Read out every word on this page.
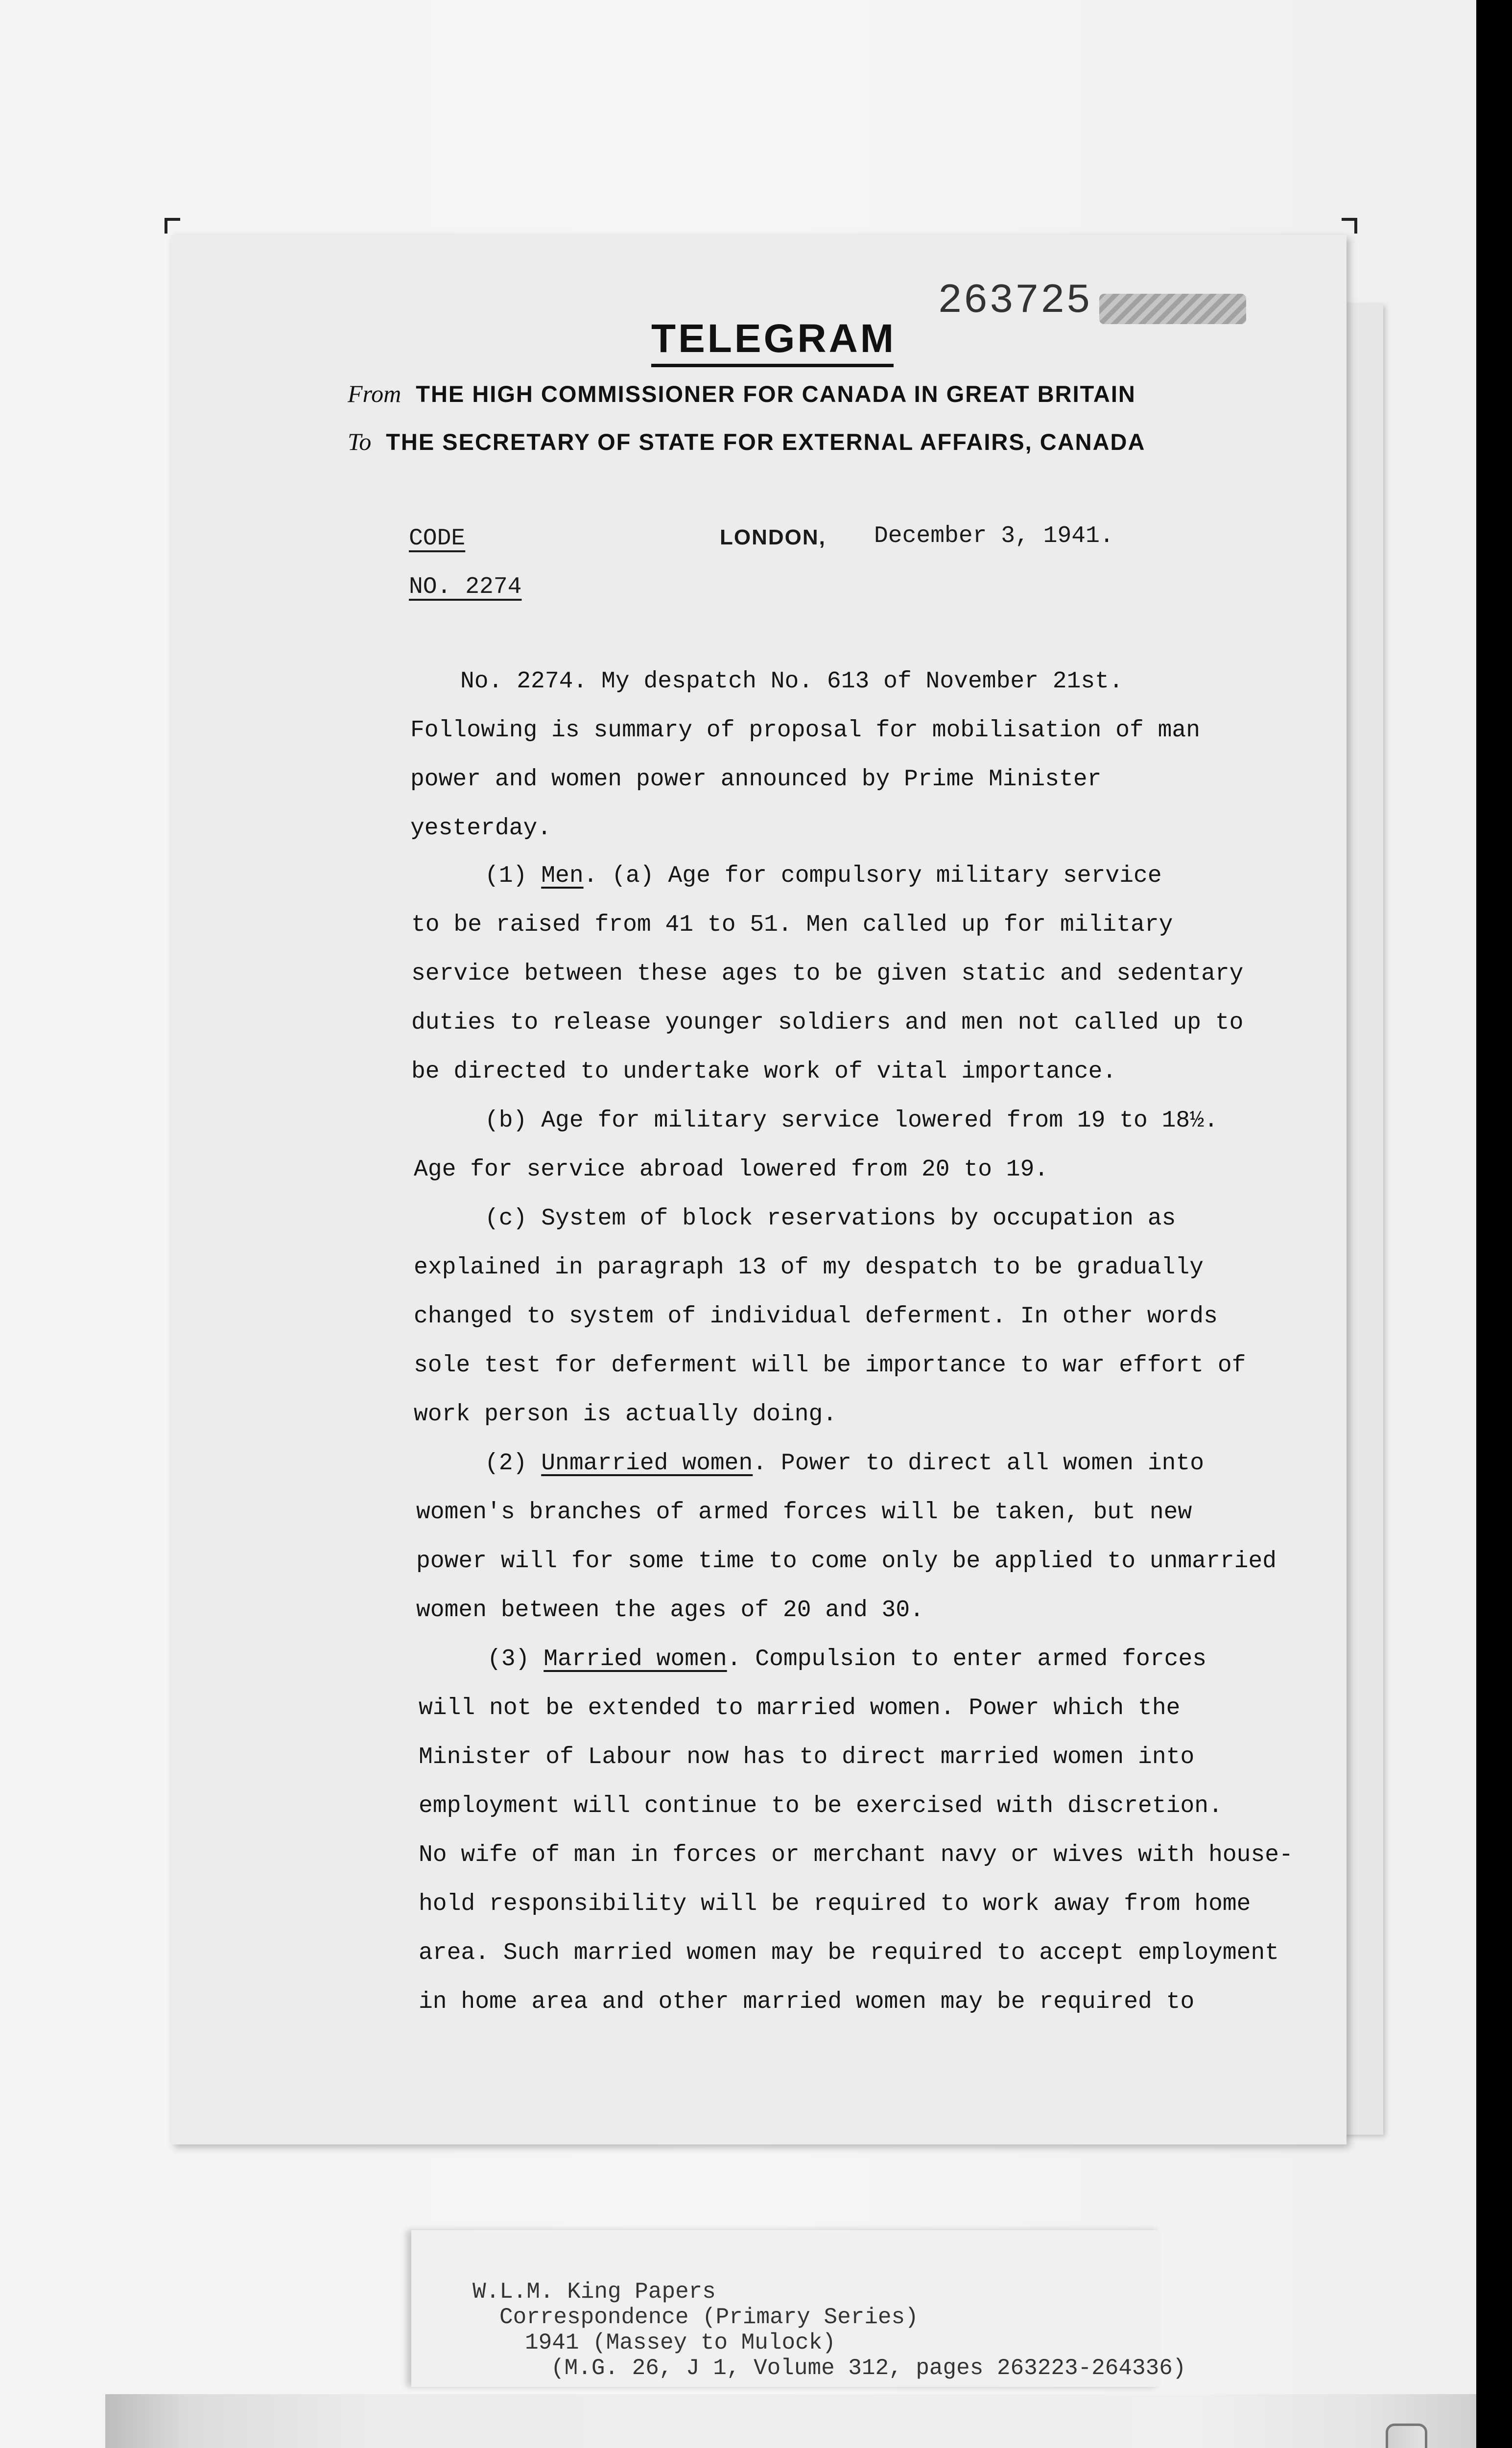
263725
TELEGRAM
From THE HIGH COMMISSIONER FOR CANADA IN GREAT BRITAIN
To THE SECRETARY OF STATE FOR EXTERNAL AFFAIRS, CANADA
CODE
NO. 2274
LONDON, December 3, 1941.
No. 2274. My despatch No. 613 of November 21st.
Following is summary of proposal for mobilisation of man
power and women power announced by Prime Minister
yesterday.
(1) Men. (a) Age for compulsory military service
to be raised from 41 to 51. Men called up for military
service between these ages to be given static and sedentary
duties to release younger soldiers and men not called up to
be directed to undertake work of vital importance.
(b) Age for military service lowered from 19 to 18½.
Age for service abroad lowered from 20 to 19.
(c) System of block reservations by occupation as
explained in paragraph 13 of my despatch to be gradually
changed to system of individual deferment. In other words
sole test for deferment will be importance to war effort of
work person is actually doing.
(2) Unmarried women. Power to direct all women into
women's branches of armed forces will be taken, but new
power will for some time to come only be applied to unmarried
women between the ages of 20 and 30.
(3) Married women. Compulsion to enter armed forces
will not be extended to married women. Power which the
Minister of Labour now has to direct married women into
employment will continue to be exercised with discretion.
No wife of man in forces or merchant navy or wives with house-
hold responsibility will be required to work away from home
area. Such married women may be required to accept employment
in home area and other married women may be required to
W.L.M. King Papers
Correspondence (Primary Series)
1941 (Massey to Mulock)
(M.G. 26, J 1, Volume 312, pages 263223-264336)
